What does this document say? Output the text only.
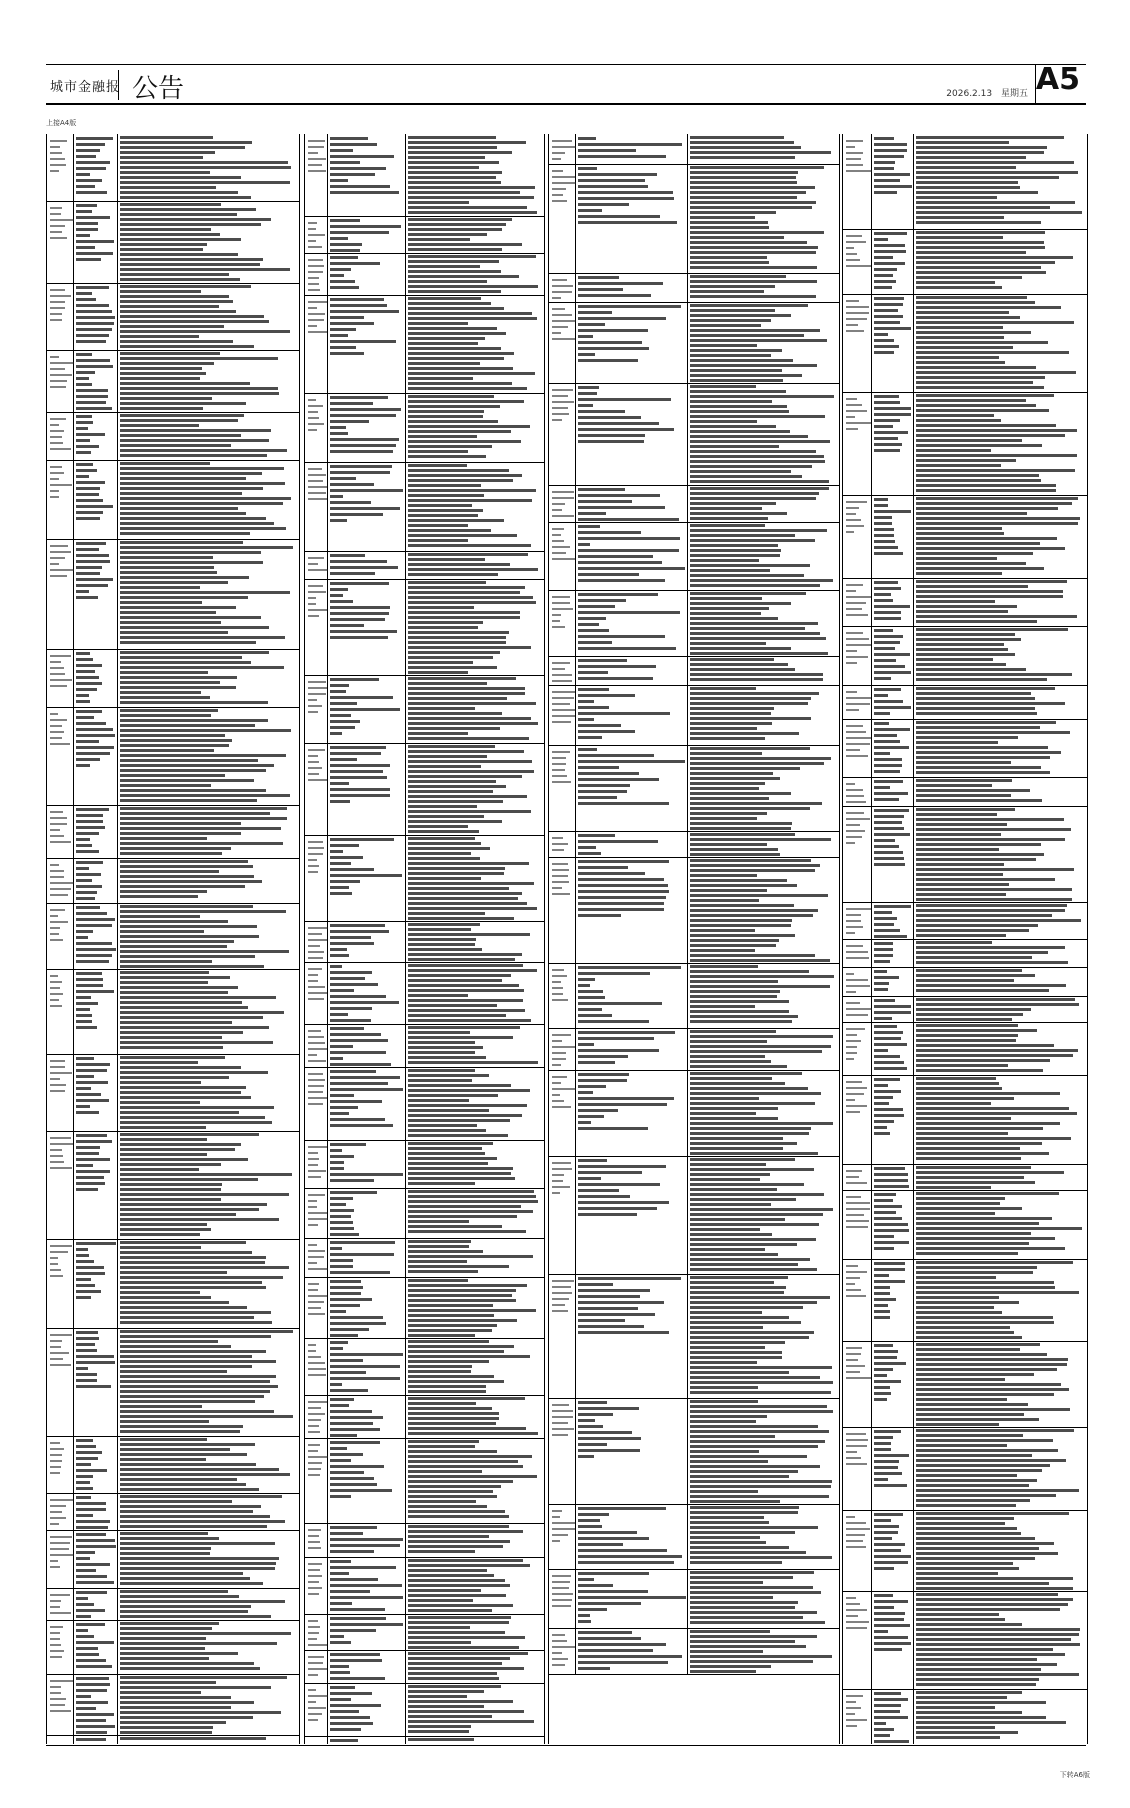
城市金融报 公告	2026.2.13 星期五 A5
上接A4版
下转A6版
